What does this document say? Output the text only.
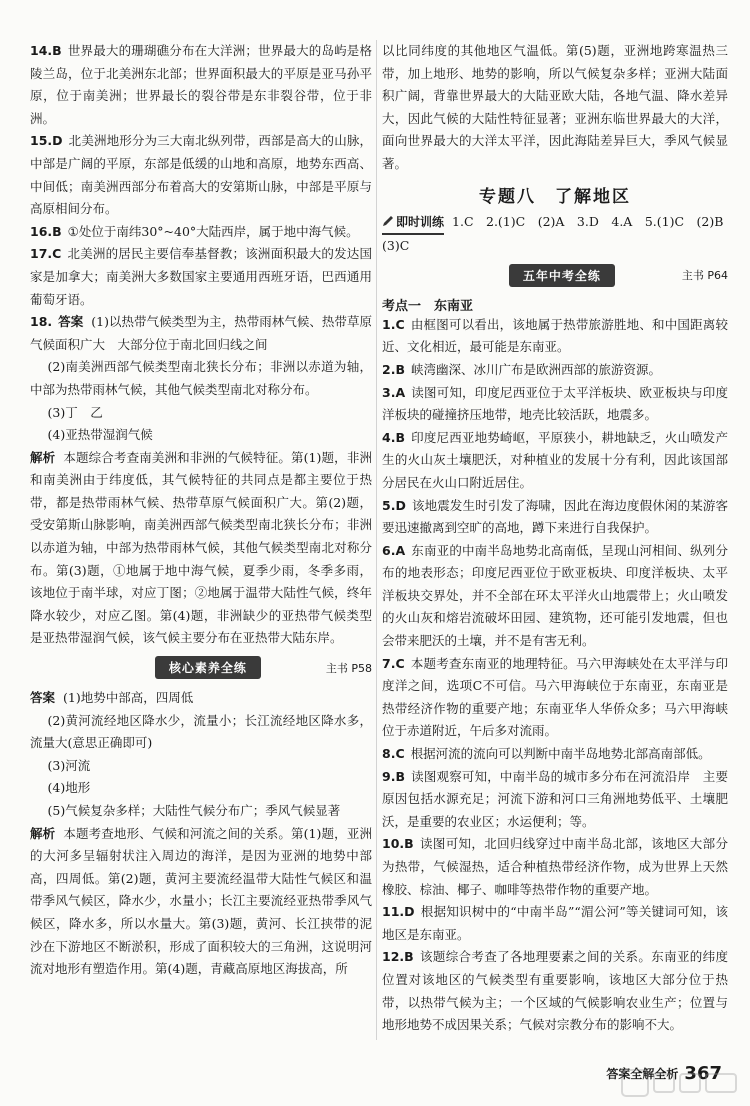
14.B 世界最大的珊瑚礁分布在大洋洲；世界最大的岛屿是格陵兰岛，位于北美洲东北部；世界面积最大的平原是亚马孙平原，位于南美洲；世界最长的裂谷带是东非裂谷带，位于非洲。

15.D 北美洲地形分为三大南北纵列带，西部是高大的山脉，中部是广阔的平原，东部是低缓的山地和高原，地势东西高、中间低；南美洲西部分布着高大的安第斯山脉，中部是平原与高原相间分布。

16.B ①处位于南纬30°~40°大陆西岸，属于地中海气候。

17.C 北美洲的居民主要信奉基督教；该洲面积最大的发达国家是加拿大；南美洲大多数国家主要通用西班牙语，巴西通用葡萄牙语。

18. 答案 (1)以热带气候类型为主，热带雨林气候、热带草原气候面积广大　大部分位于南北回归线之间

(2)南美洲西部气候类型南北狭长分布；非洲以赤道为轴，中部为热带雨林气候，其他气候类型南北对称分布。

(3)丁　乙

(4)亚热带湿润气候

解析 本题综合考查南美洲和非洲的气候特征。第(1)题，非洲和南美洲由于纬度低，其气候特征的共同点是都主要位于热带，都是热带雨林气候、热带草原气候面积广大。第(2)题，受安第斯山脉影响，南美洲西部气候类型南北狭长分布；非洲以赤道为轴，中部为热带雨林气候，其他气候类型南北对称分布。第(3)题，①地属于地中海气候，夏季少雨，冬季多雨，该地位于南半球，对应丁图；②地属于温带大陆性气候，终年降水较少，对应乙图。第(4)题，非洲缺少的亚热带气候类型是亚热带湿润气候，该气候主要分布在亚热带大陆东岸。

核心素养全练	主书 P58

答案 (1)地势中部高，四周低

(2)黄河流经地区降水少，流量小；长江流经地区降水多，流量大(意思正确即可)

(3)河流

(4)地形

(5)气候复杂多样；大陆性气候分布广；季风气候显著

解析 本题考查地形、气候和河流之间的关系。第(1)题，亚洲的大河多呈辐射状注入周边的海洋，是因为亚洲的地势中部高，四周低。第(2)题，黄河主要流经温带大陆性气候区和温带季风气候区，降水少，水量小；长江主要流经亚热带季风气候区，降水多，所以水量大。第(3)题，黄河、长江挟带的泥沙在下游地区不断淤积，形成了面积较大的三角洲，这说明河流对地形有塑造作用。第(4)题，青藏高原地区海拔高，所

以比同纬度的其他地区气温低。第(5)题，亚洲地跨寒温热三带，加上地形、地势的影响，所以气候复杂多样；亚洲大陆面积广阔，背靠世界最大的大陆亚欧大陆，各地气温、降水差异大，因此气候的大陆性特征显著；亚洲东临世界最大的大洋，面向世界最大的大洋太平洋，因此海陆差异巨大，季风气候显著。

专题八　了解地区
即时训练 1.C　2.(1)C　(2)A　3.D　4.A　5.(1)C　(2)B　(3)C
五年中考全练	主书 P64
考点一　东南亚

1.C 由框图可以看出，该地属于热带旅游胜地、和中国距离较近、文化相近，最可能是东南亚。

2.B 峡湾幽深、冰川广布是欧洲西部的旅游资源。

3.A 读图可知，印度尼西亚位于太平洋板块、欧亚板块与印度洋板块的碰撞挤压地带，地壳比较活跃，地震多。

4.B 印度尼西亚地势崎岖，平原狭小，耕地缺乏，火山喷发产生的火山灰土壤肥沃，对种植业的发展十分有利，因此该国部分居民在火山口附近居住。

5.D 该地震发生时引发了海啸，因此在海边度假休闲的某游客要迅速撤离到空旷的高地，蹲下来进行自我保护。

6.A 东南亚的中南半岛地势北高南低，呈现山河相间、纵列分布的地表形态；印度尼西亚位于欧亚板块、印度洋板块、太平洋板块交界处，并不全部在环太平洋火山地震带上；火山喷发的火山灰和熔岩流破坏田园、建筑物，还可能引发地震，但也会带来肥沃的土壤，并不是有害无利。

7.C 本题考查东南亚的地理特征。马六甲海峡处在太平洋与印度洋之间，选项C不可信。马六甲海峡位于东南亚，东南亚是热带经济作物的重要产地；东南亚华人华侨众多；马六甲海峡位于赤道附近，午后多对流雨。

8.C 根据河流的流向可以判断中南半岛地势北部高南部低。

9.B 读图观察可知，中南半岛的城市多分布在河流沿岸　主要原因包括水源充足；河流下游和河口三角洲地势低平、土壤肥沃，是重要的农业区；水运便利；等。

10.B 读图可知，北回归线穿过中南半岛北部，该地区大部分为热带，气候湿热，适合种植热带经济作物，成为世界上天然橡胶、棕油、椰子、咖啡等热带作物的重要产地。

11.D 根据知识树中的“中南半岛”“湄公河”等关键词可知，该地区是东南亚。

12.B 该题综合考查了各地理要素之间的关系。东南亚的纬度位置对该地区的气候类型有重要影响，该地区大部分位于热带，以热带气候为主；一个区域的气候影响农业生产；位置与地形地势不成因果关系；气候对宗教分布的影响不大。

答案全解全析 367
